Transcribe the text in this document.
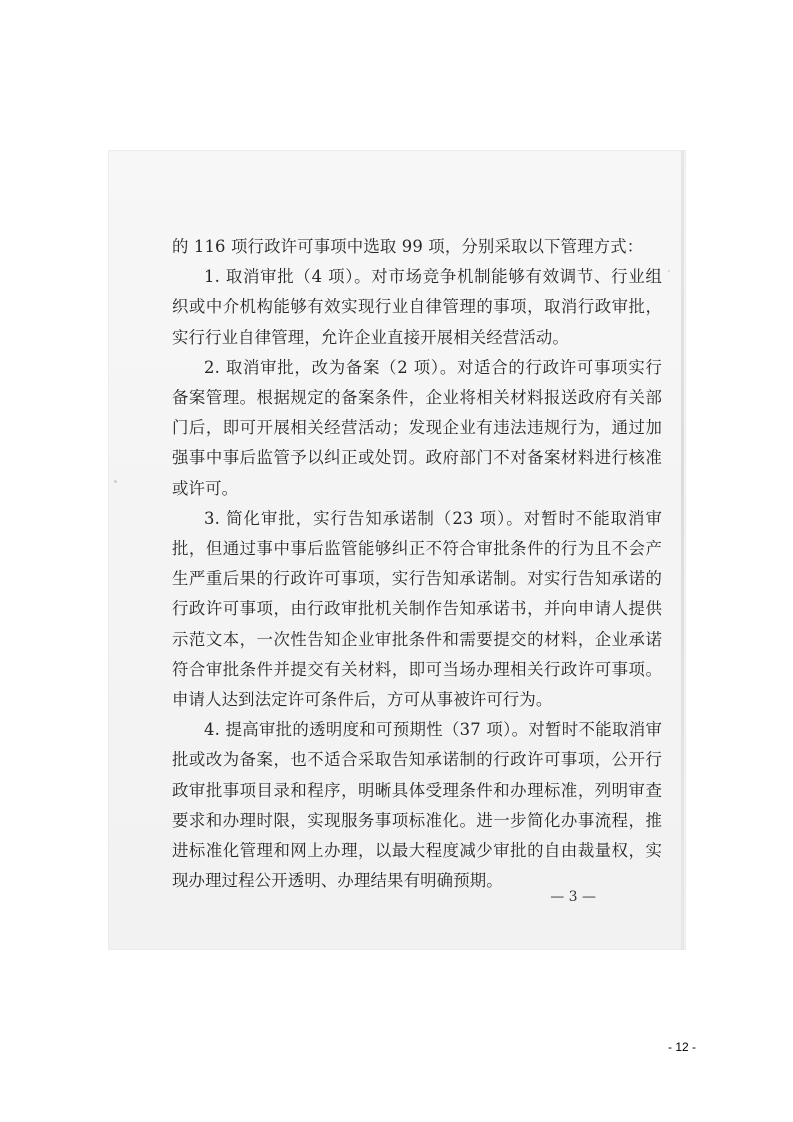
的 116 项行政许可事项中选取 99 项，分别采取以下管理方式：

1. 取消审批（4 项）。对市场竞争机制能够有效调节、行业组织或中介机构能够有效实现行业自律管理的事项，取消行政审批，实行行业自律管理，允许企业直接开展相关经营活动。

2. 取消审批，改为备案（2 项）。对适合的行政许可事项实行备案管理。根据规定的备案条件，企业将相关材料报送政府有关部门后，即可开展相关经营活动；发现企业有违法违规行为，通过加强事中事后监管予以纠正或处罚。政府部门不对备案材料进行核准或许可。

3. 简化审批，实行告知承诺制（23 项）。对暂时不能取消审批，但通过事中事后监管能够纠正不符合审批条件的行为且不会产生严重后果的行政许可事项，实行告知承诺制。对实行告知承诺的行政许可事项，由行政审批机关制作告知承诺书，并向申请人提供示范文本，一次性告知企业审批条件和需要提交的材料，企业承诺符合审批条件并提交有关材料，即可当场办理相关行政许可事项。申请人达到法定许可条件后，方可从事被许可行为。

4. 提高审批的透明度和可预期性（37 项）。对暂时不能取消审批或改为备案，也不适合采取告知承诺制的行政许可事项，公开行政审批事项目录和程序，明晰具体受理条件和办理标准，列明审查要求和办理时限，实现服务事项标准化。进一步简化办事流程，推进标准化管理和网上办理，以最大程度减少审批的自由裁量权，实现办理过程公开透明、办理结果有明确预期。

— 3 —
- 12 -
